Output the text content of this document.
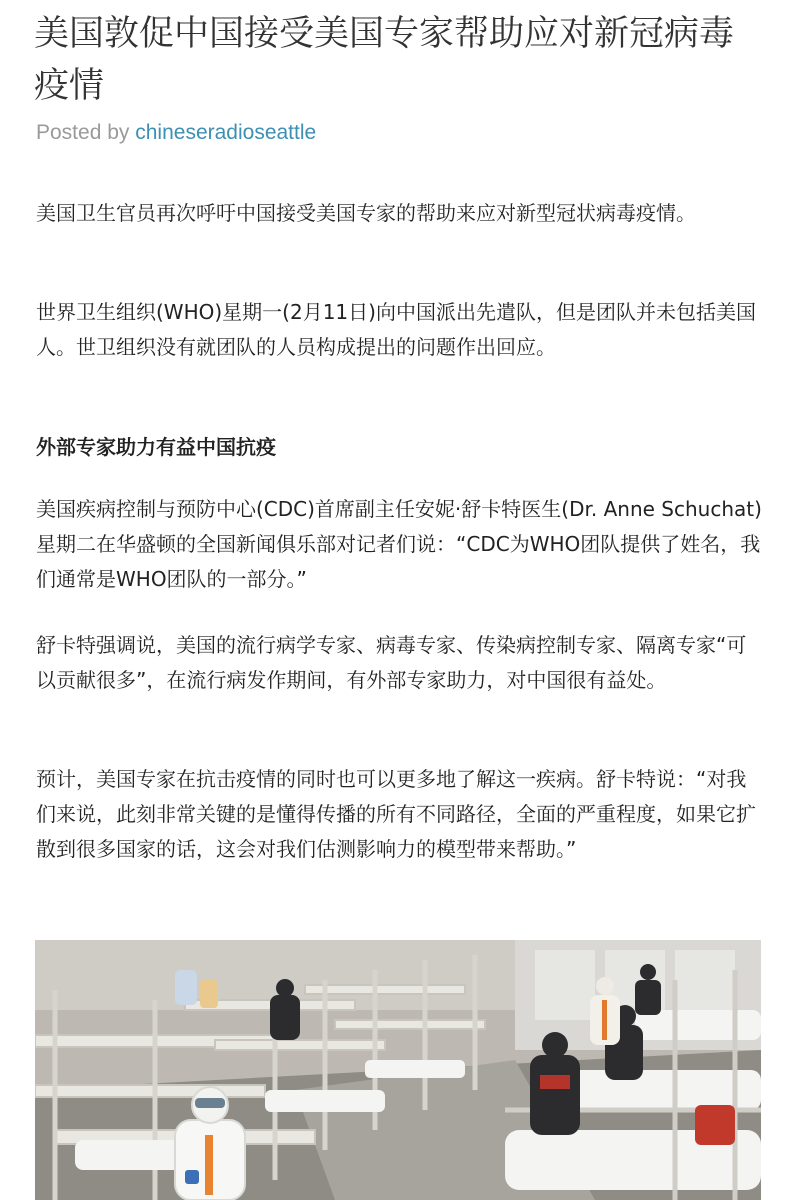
美国敦促中国接受美国专家帮助应对新冠病毒疫情
Posted by chineseradioseattle

美国卫生官员再次呼吁中国接受美国专家的帮助来应对新型冠状病毒疫情。

世界卫生组织(WHO)星期一(2月11日)向中国派出先遣队，但是团队并未包括美国人。世卫组织没有就团队的人员构成提出的问题作出回应。

外部专家助力有益中国抗疫

美国疾病控制与预防中心(CDC)首席副主任安妮·舒卡特医生(Dr. Anne Schuchat)星期二在华盛顿的全国新闻俱乐部对记者们说：“CDC为WHO团队提供了姓名，我们通常是WHO团队的一部分。”

舒卡特强调说，美国的流行病学专家、病毒专家、传染病控制专家、隔离专家“可以贡献很多”，在流行病发作期间，有外部专家助力，对中国很有益处。

预计，美国专家在抗击疫情的同时也可以更多地了解这一疾病。舒卡特说：“对我们来说，此刻非常关键的是懂得传播的所有不同路径，全面的严重程度，如果它扩散到很多国家的话，这会对我们估测影响力的模型带来帮助。”
